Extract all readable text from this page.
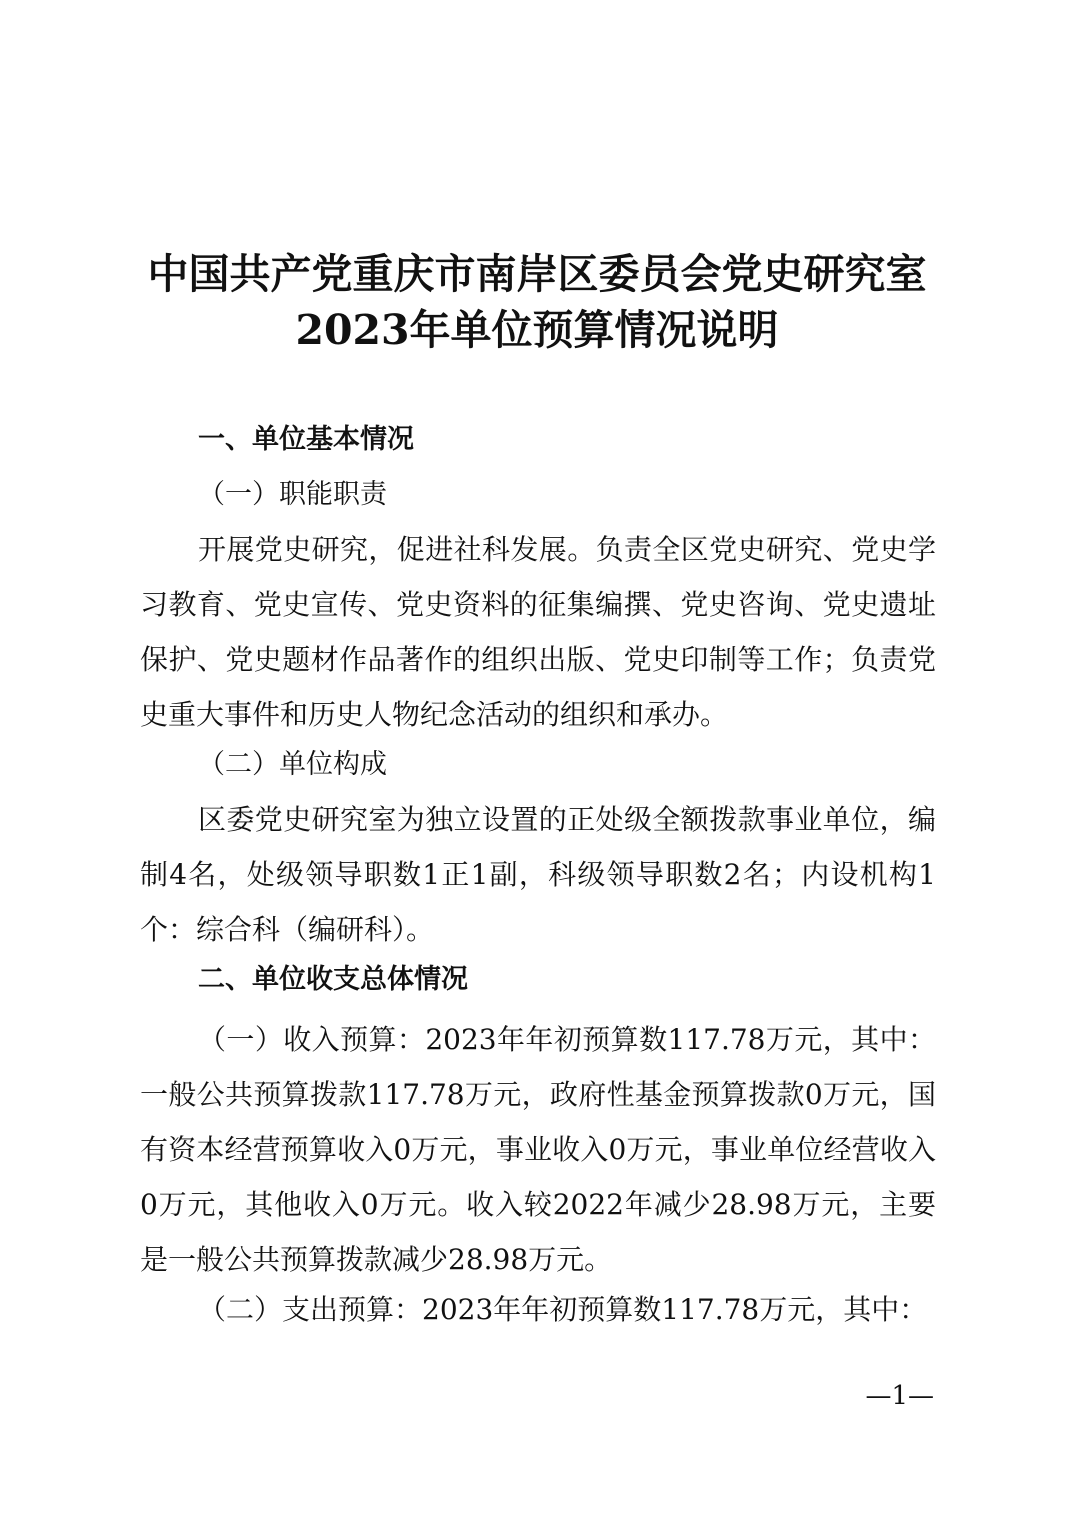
中国共产党重庆市南岸区委员会党史研究室
2023年单位预算情况说明
一、单位基本情况
（一）职能职责
开展党史研究，促进社科发展。负责全区党史研究、党史学习教育、党史宣传、党史资料的征集编撰、党史咨询、党史遗址保护、党史题材作品著作的组织出版、党史印制等工作；负责党史重大事件和历史人物纪念活动的组织和承办。
（二）单位构成
区委党史研究室为独立设置的正处级全额拨款事业单位，编制4名，处级领导职数1正1副，科级领导职数2名；内设机构1个：综合科（编研科）。
二、单位收支总体情况
（一）收入预算：2023年年初预算数117.78万元，其中：一般公共预算拨款117.78万元，政府性基金预算拨款0万元，国有资本经营预算收入0万元，事业收入0万元，事业单位经营收入0万元，其他收入0万元。收入较2022年减少28.98万元，主要是一般公共预算拨款减少28.98万元。
（二）支出预算：2023年年初预算数117.78万元，其中：
—1—
